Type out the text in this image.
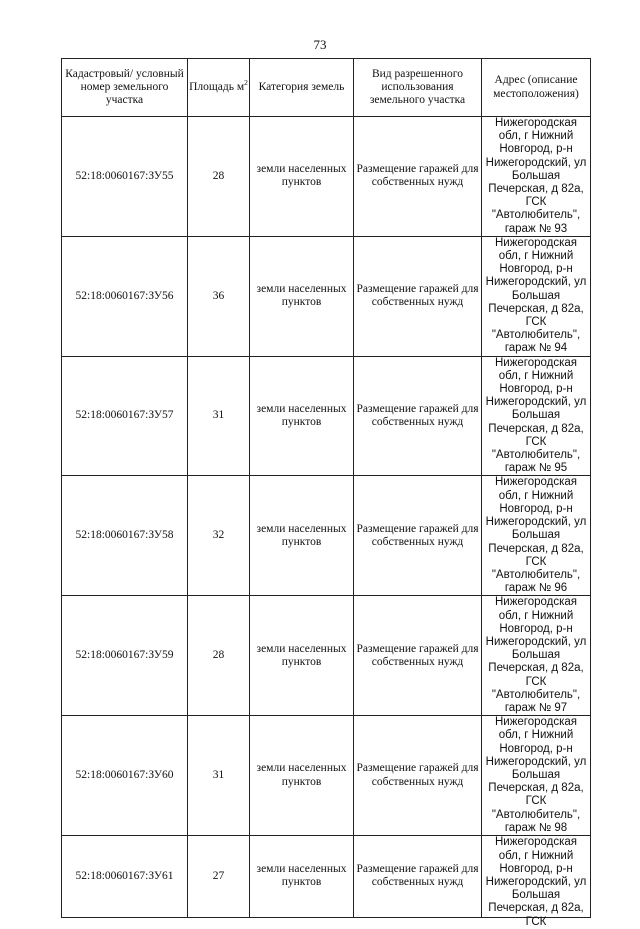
73
Кадастровый/ условный номер земельного участка	Площадь $м^2$	Категория земель	Вид разрешенного использования земельного участка	Адрес (описание местоположения)
52:18:0060167:ЗУ55	28	земли населенных пунктов	Размещение гаражей для собственных нужд	Нижегородская обл, г Нижний Новгород, р-н Нижегородский, ул Большая Печерская, д 82а, ГСК "Автолюбитель", гараж № 93
52:18:0060167:ЗУ56	36	земли населенных пунктов	Размещение гаражей для собственных нужд	Нижегородская обл, г Нижний Новгород, р-н Нижегородский, ул Большая Печерская, д 82а, ГСК "Автолюбитель", гараж № 94
52:18:0060167:ЗУ57	31	земли населенных пунктов	Размещение гаражей для собственных нужд	Нижегородская обл, г Нижний Новгород, р-н Нижегородский, ул Большая Печерская, д 82а, ГСК "Автолюбитель", гараж № 95
52:18:0060167:ЗУ58	32	земли населенных пунктов	Размещение гаражей для собственных нужд	Нижегородская обл, г Нижний Новгород, р-н Нижегородский, ул Большая Печерская, д 82а, ГСК "Автолюбитель", гараж № 96
52:18:0060167:ЗУ59	28	земли населенных пунктов	Размещение гаражей для собственных нужд	Нижегородская обл, г Нижний Новгород, р-н Нижегородский, ул Большая Печерская, д 82а, ГСК "Автолюбитель", гараж № 97
52:18:0060167:ЗУ60	31	земли населенных пунктов	Размещение гаражей для собственных нужд	Нижегородская обл, г Нижний Новгород, р-н Нижегородский, ул Большая Печерская, д 82а, ГСК "Автолюбитель", гараж № 98
52:18:0060167:ЗУ61	27	земли населенных пунктов	Размещение гаражей для собственных нужд	Нижегородская обл, г Нижний Новгород, р-н Нижегородский, ул Большая Печерская, д 82а, ГСК
